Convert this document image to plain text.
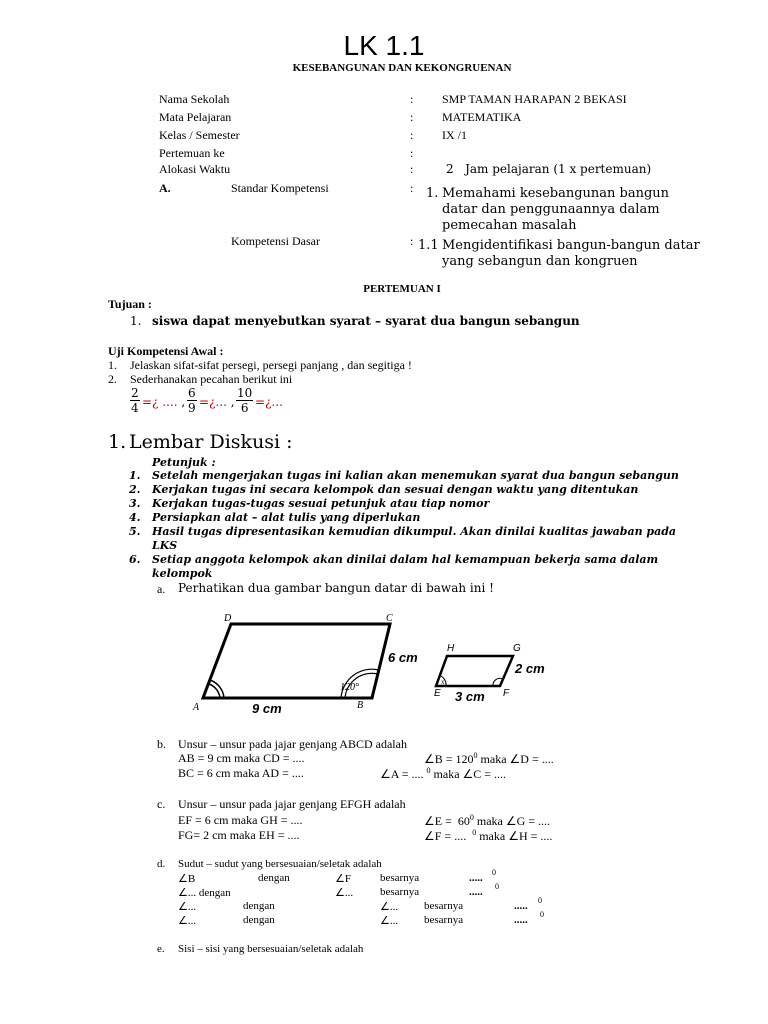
LK 1.1
KESEBANGUNAN DAN KEKONGRUENAN
Nama Sekolah	: SMP TAMAN HARAPAN 2 BEKASI
Mata Pelajaran	: MATEMATIKA
Kelas / Semester	: IX /1
Pertemuan ke	:
Alokasi Waktu	:	2   Jam pelajaran (1 x pertemuan)
A.	Standar Kompetensi	: 1. Memahami kesebangunan bangun
datar dan penggunaannya dalam
pemecahan masalah
Kompetensi Dasar	: 1.1 Mengidentifikasi bangun-bangun datar
yang sebangun dan kongruen
PERTEMUAN I
Tujuan :
1. siswa dapat menyebutkan syarat – syarat dua bangun sebangun
Uji Kompetensi Awal :
1. Jelaskan sifat-sifat persegi, persegi panjang , dan segitiga !
2. Sederhanakan pecahan berikut ini
$\frac{2}{4}$ =¿ .... , $\frac{6}{9}$ =¿... , $\frac{10}{6}$ =¿...
1. Lembar Diskusi :
Petunjuk :
1. Setelah mengerjakan tugas ini kalian akan menemukan syarat dua bangun sebangun
2. Kerjakan tugas ini secara kelompok dan sesuai dengan waktu yang ditentukan
3. Kerjakan tugas-tugas sesuai petunjuk atau tiap nomor
4. Persiapkan alat – alat tulis yang diperlukan
5. Hasil tugas dipresentasikan kemudian dikumpul. Akan dinilai kualitas jawaban pada
LKS
6. Setiap anggota kelompok akan dinilai dalam hal kemampuan bekerja sama dalam
kelompok
a. Perhatikan dua gambar bangun datar di bawah ini !
A	B
C
D
120°
9 cm
6 cm
x
E	F
G
H
3 cm
2 cm
b. Unsur – unsur pada jajar genjang ABCD adalah
AB = 9 cm maka CD = ....	∠B = $120^0$ maka ∠D = ....
BC = 6 cm maka AD = ....	∠A = .... $^0$ maka ∠C = ....
c. Unsur – unsur pada jajar genjang EFGH adalah
EF = 6 cm maka GH = ....	∠E =  $60^0$ maka ∠G = ....
FG= 2 cm maka EH = ....	∠F = ....  $^0$ maka ∠H = ....
d. Sudut – sudut yang bersesuaian/seletak adalah
∠B	dengan	∠F	besarnya	..... 0
∠... dengan	∠... besarnya	..... 0
∠...	dengan	∠... besarnya	..... 0
∠...	dengan	∠... besarnya	..... 0
e. Sisi – sisi yang bersesuaian/seletak adalah
